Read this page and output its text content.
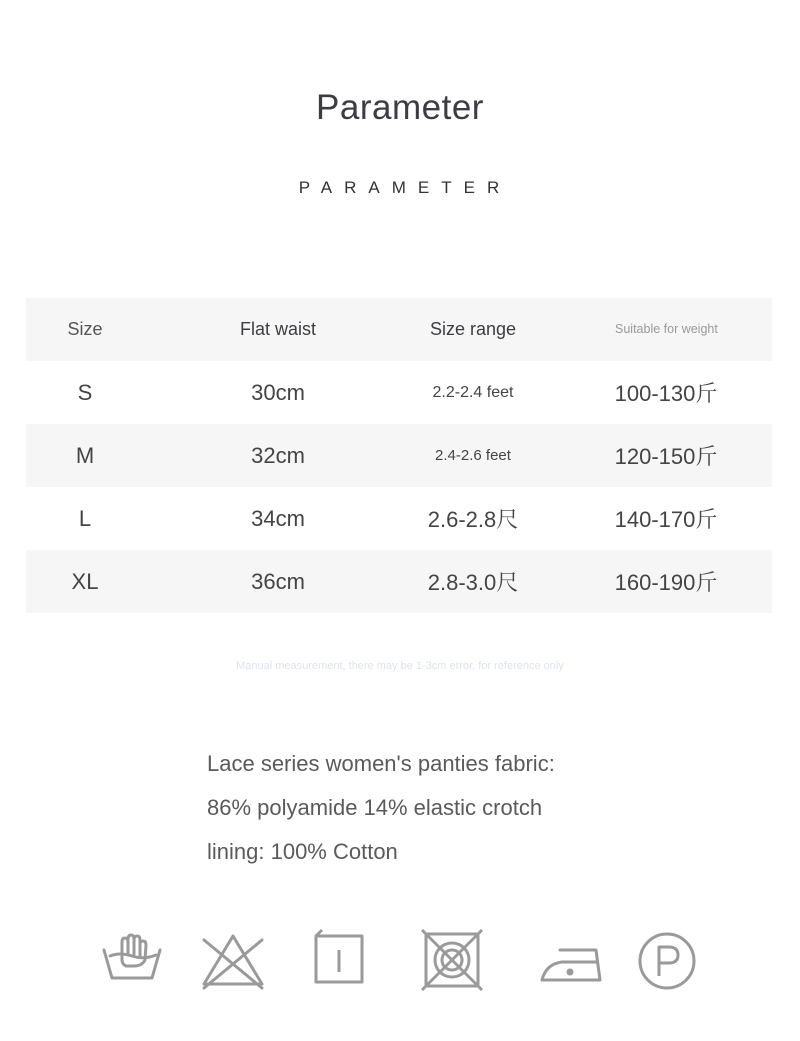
Parameter
PARAMETER
Size	Flat waist	Size range	Suitable for weight
S	30cm	2.2-2.4 feet	100-130斤
M	32cm	2.4-2.6 feet	120-150斤
L	34cm	2.6-2.8尺	140-170斤
XL	36cm	2.8-3.0尺	160-190斤
Manual measurement, there may be 1-3cm error, for reference only
Lace series women's panties fabric:
86% polyamide 14% elastic crotch
lining: 100% Cotton
